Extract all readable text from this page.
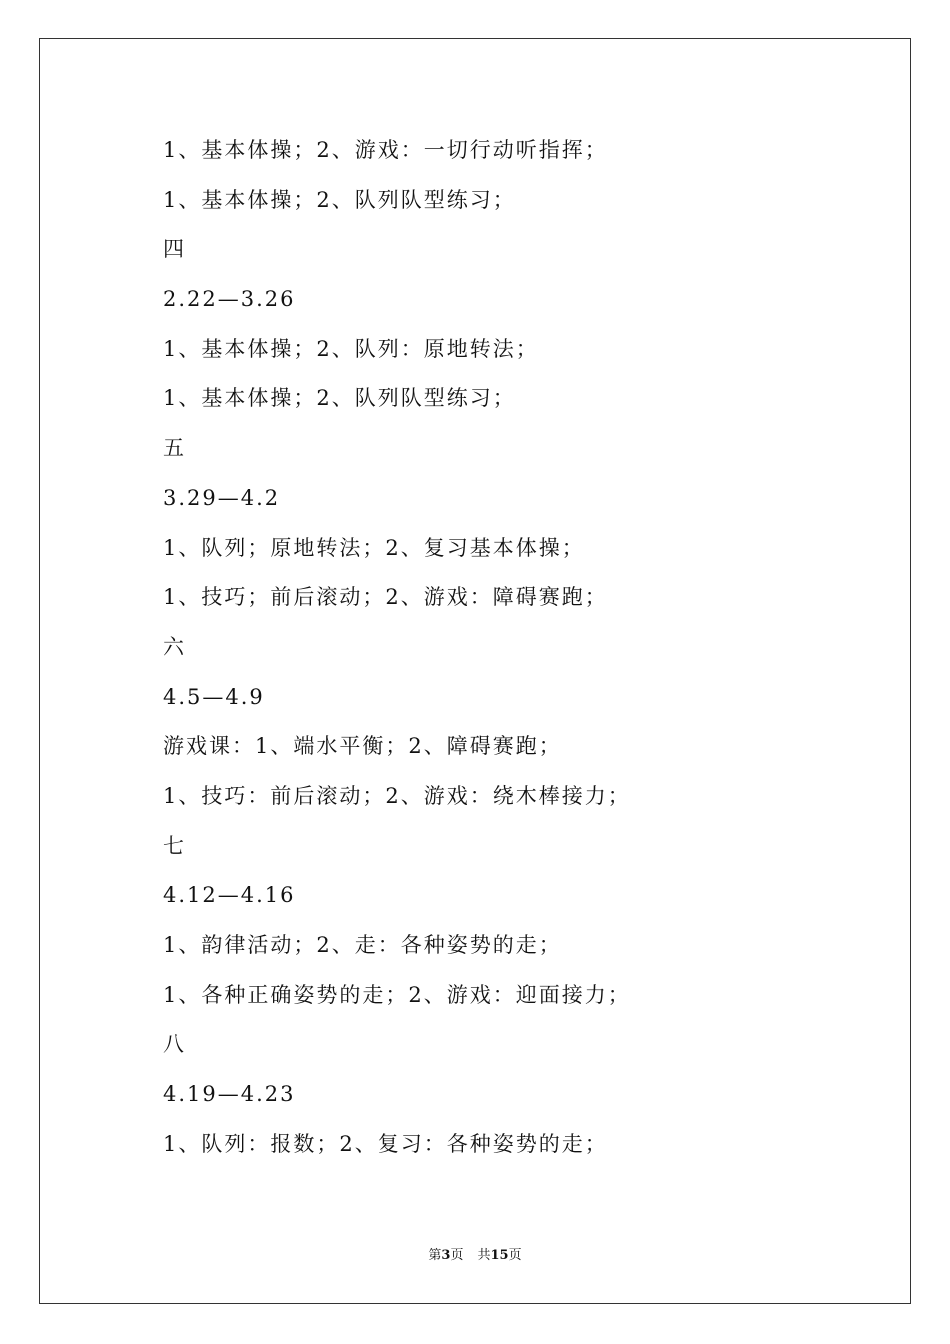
1、基本体操；2、游戏：一切行动听指挥；
1、基本体操；2、队列队型练习；
四
2.22—3.26
1、基本体操；2、队列：原地转法；
1、基本体操；2、队列队型练习；
五
3.29—4.2
1、队列；原地转法；2、复习基本体操；
1、技巧；前后滚动；2、游戏：障碍赛跑；
六
4.5—4.9
游戏课：1、端水平衡；2、障碍赛跑；
1、技巧：前后滚动；2、游戏：绕木棒接力；
七
4.12—4.16
1、韵律活动；2、走：各种姿势的走；
1、各种正确姿势的走；2、游戏：迎面接力；
八
4.19—4.23
1、队列：报数；2、复习：各种姿势的走；
第3页 共15页
